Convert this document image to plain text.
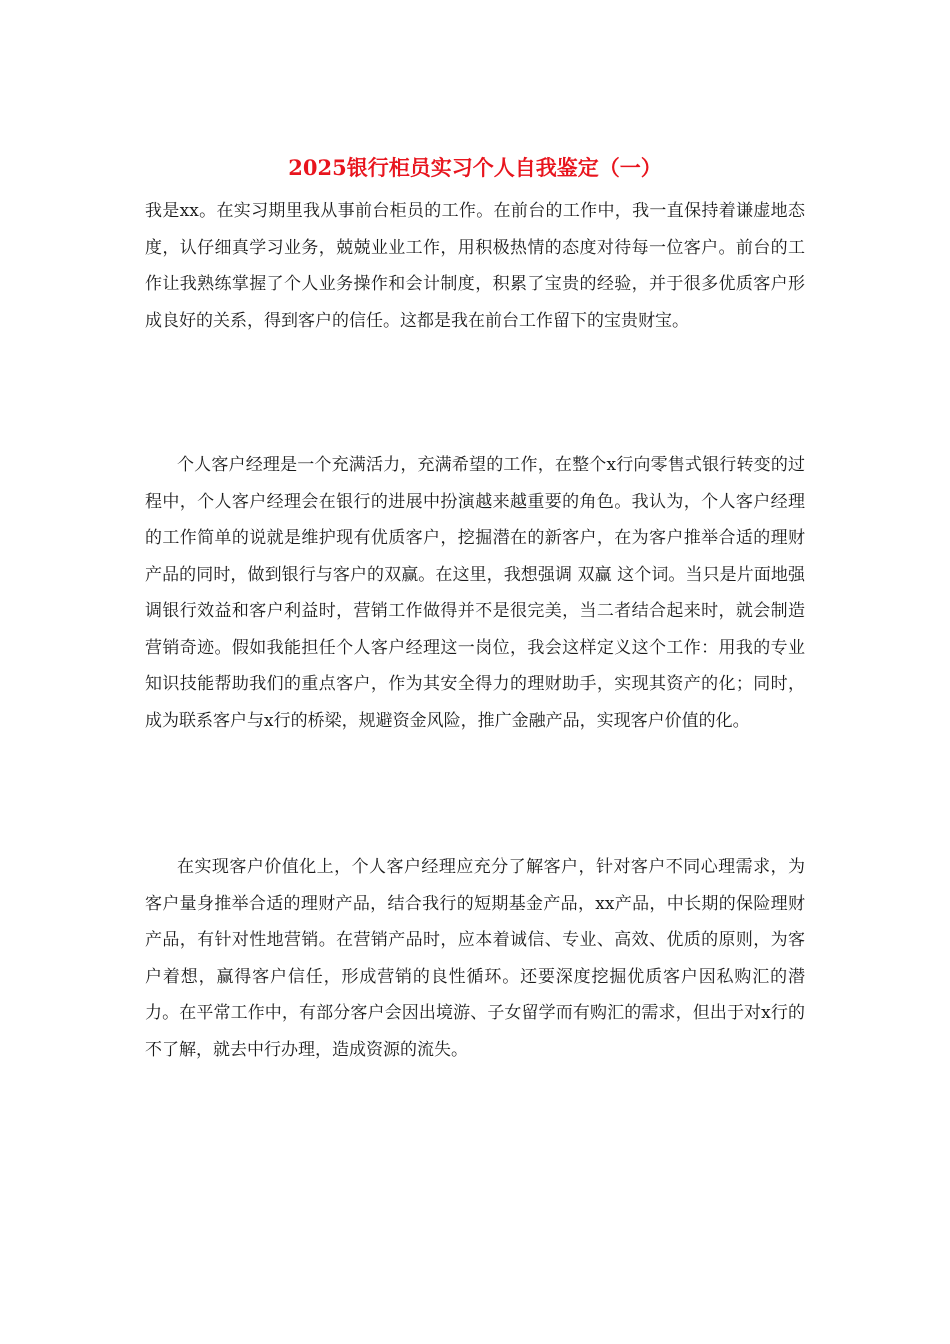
2025银行柜员实习个人自我鉴定（一）

我是xx。在实习期里我从事前台柜员的工作。在前台的工作中，我一直保持着谦虚地态度，认仔细真学习业务，兢兢业业工作，用积极热情的态度对待每一位客户。前台的工作让我熟练掌握了个人业务操作和会计制度，积累了宝贵的经验，并于很多优质客户形成良好的关系，得到客户的信任。这都是我在前台工作留下的宝贵财宝。

个人客户经理是一个充满活力，充满希望的工作，在整个x行向零售式银行转变的过程中，个人客户经理会在银行的进展中扮演越来越重要的角色。我认为，个人客户经理的工作简单的说就是维护现有优质客户，挖掘潜在的新客户，在为客户推举合适的理财产品的同时，做到银行与客户的双赢。在这里，我想强调 双赢 这个词。当只是片面地强调银行效益和客户利益时，营销工作做得并不是很完美，当二者结合起来时，就会制造营销奇迹。假如我能担任个人客户经理这一岗位，我会这样定义这个工作：用我的专业知识技能帮助我们的重点客户，作为其安全得力的理财助手，实现其资产的化；同时，成为联系客户与x行的桥梁，规避资金风险，推广金融产品，实现客户价值的化。

在实现客户价值化上，个人客户经理应充分了解客户，针对客户不同心理需求，为客户量身推举合适的理财产品，结合我行的短期基金产品，xx产品，中长期的保险理财产品，有针对性地营销。在营销产品时，应本着诚信、专业、高效、优质的原则，为客户着想，赢得客户信任，形成营销的良性循环。还要深度挖掘优质客户因私购汇的潜力。在平常工作中，有部分客户会因出境游、子女留学而有购汇的需求，但出于对x行的不了解，就去中行办理，造成资源的流失。
